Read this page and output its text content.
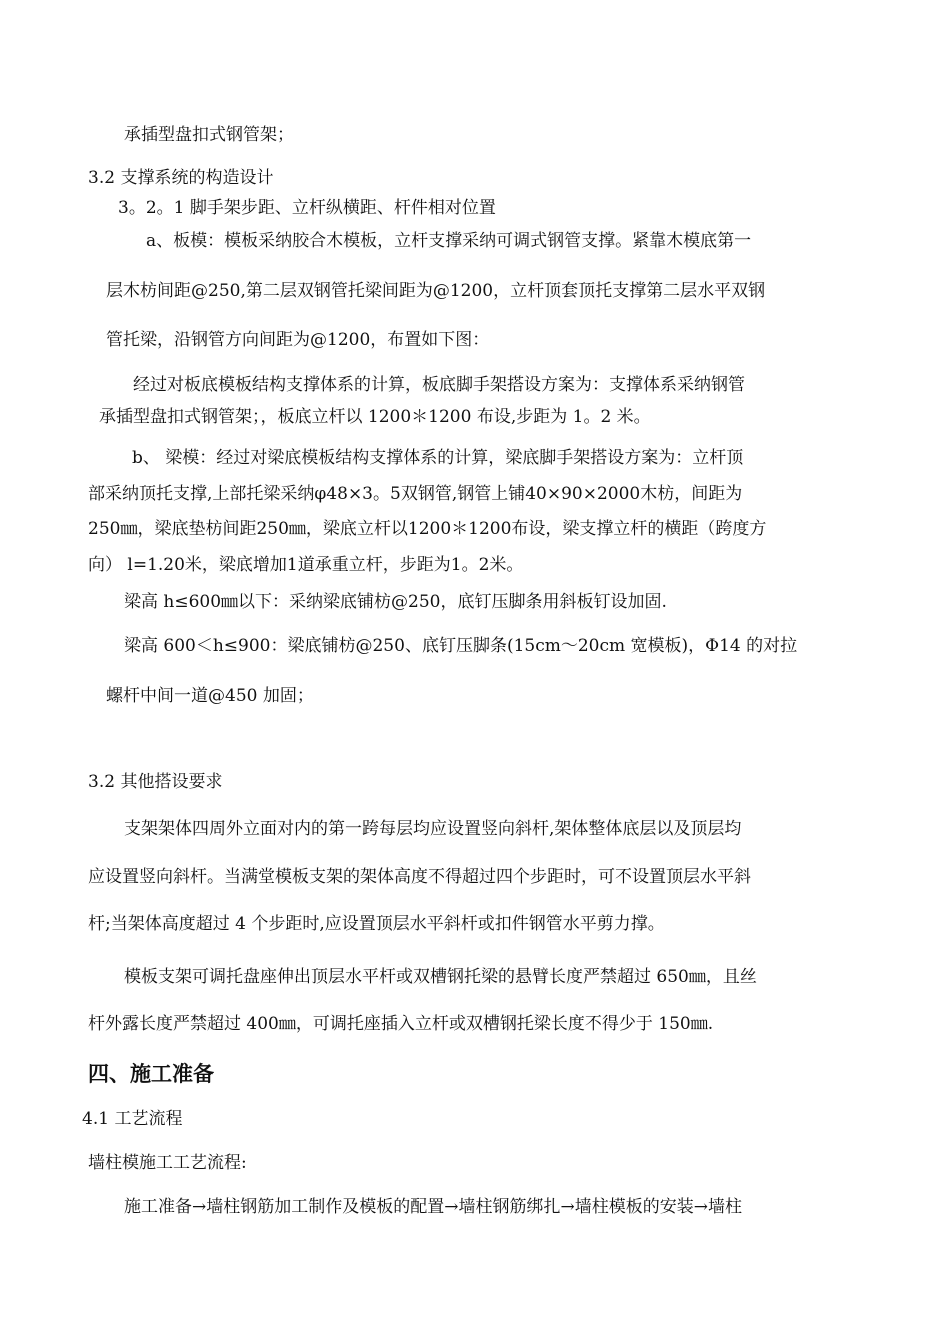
承插型盘扣式钢管架；
3.2 支撑系统的构造设计
3。2。1 脚手架步距、立杆纵横距、杆件相对位置
a、板模：模板采纳胶合木模板，立杆支撑采纳可调式钢管支撑。紧靠木模底第一
层木枋间距@250,第二层双钢管托梁间距为@1200，立杆顶套顶托支撑第二层水平双钢
管托梁，沿钢管方向间距为@1200，布置如下图：
经过对板底模板结构支撑体系的计算，板底脚手架搭设方案为：支撑体系采纳钢管
承插型盘扣式钢管架；，板底立杆以 1200＊1200 布设,步距为 1。2 米。
b、 梁模：经过对梁底模板结构支撑体系的计算，梁底脚手架搭设方案为：立杆顶
部采纳顶托支撑,上部托梁采纳φ48×3。5双钢管,钢管上铺40×90×2000木枋，间距为
250㎜，梁底垫枋间距250㎜，梁底立杆以1200＊1200布设，梁支撑立杆的横距（跨度方
向） l=1.20米，梁底增加1道承重立杆，步距为1。2米。
梁高 h≤600㎜以下：采纳梁底铺枋@250，底钉压脚条用斜板钉设加固.
梁高 600＜h≤900：梁底铺枋@250、底钉压脚条(15cm～20cm 宽模板)，Φ14 的对拉
螺杆中间一道@450 加固；
3.2 其他搭设要求
支架架体四周外立面对内的第一跨每层均应设置竖向斜杆,架体整体底层以及顶层均
应设置竖向斜杆。当满堂模板支架的架体高度不得超过四个步距时，可不设置顶层水平斜
杆;当架体高度超过 4 个步距时,应设置顶层水平斜杆或扣件钢管水平剪力撑。
模板支架可调托盘座伸出顶层水平杆或双槽钢托梁的悬臂长度严禁超过 650㎜，且丝
杆外露长度严禁超过 400㎜，可调托座插入立杆或双槽钢托梁长度不得少于 150㎜.
四、施工准备
4.1 工艺流程
墙柱模施工工艺流程:
施工准备→墙柱钢筋加工制作及模板的配置→墙柱钢筋绑扎→墙柱模板的安装→墙柱
